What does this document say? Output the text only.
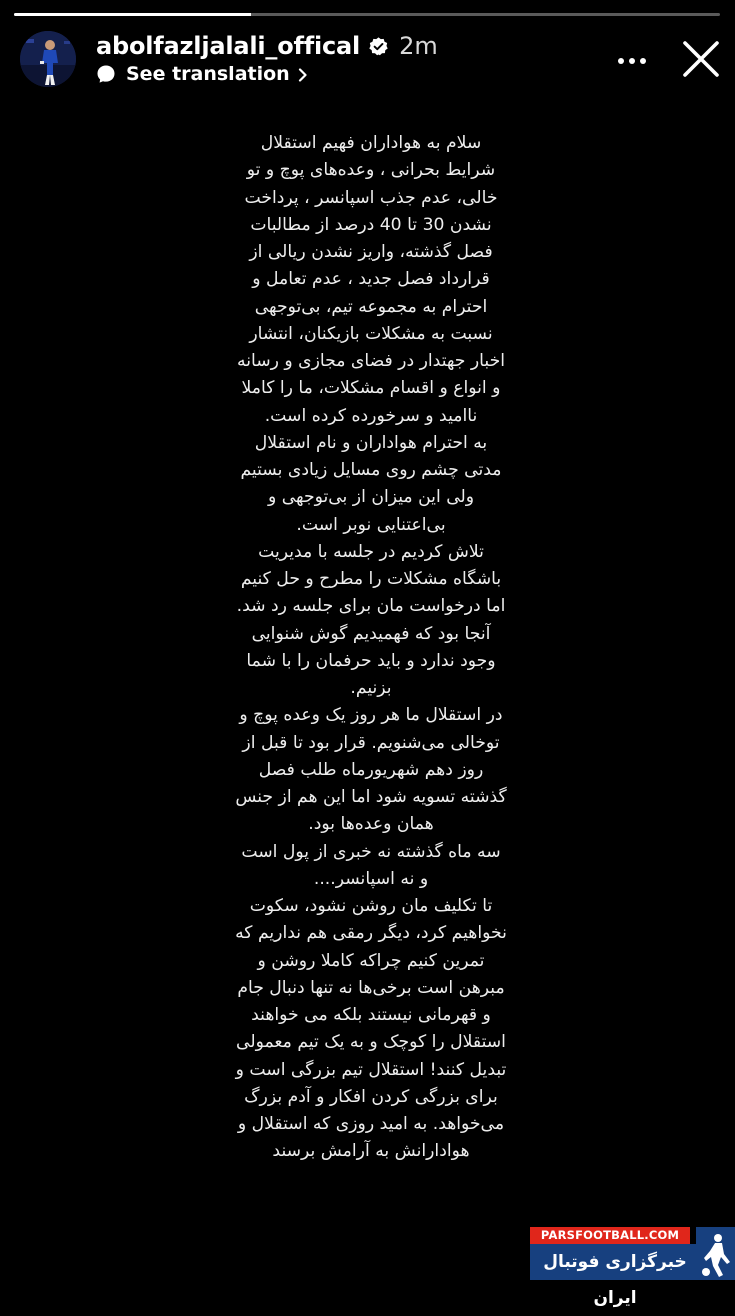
abolfazljalali_offical 2m
See translation

سلام به هواداران فهیم استقلال شرایط بحرانی ، وعده‌های پوچ و تو خالی، عدم جذب اسپانسر ، پرداخت نشدن 30 تا 40 درصد از مطالبات فصل گذشته، واریز نشدن ریالی از قرارداد فصل جدید ، عدم تعامل و احترام به مجموعه تیم، بی‌توجهی نسبت به مشکلات بازیکنان، انتشار اخبار جهتدار در فضای مجازی و رسانه و انواع و اقسام مشکلات، ما را کاملا ناامید و سرخورده کرده است.

به احترام هواداران و نام استقلال مدتی چشم روی مسایل زیادی بستیم ولی این میزان از بی‌توجهی و بی‌اعتنایی نوبر است.

تلاش کردیم در جلسه با مدیریت باشگاه مشکلات را مطرح و حل کنیم اما درخواست مان برای جلسه رد شد.

آنجا بود که فهمیدیم گوش شنوایی وجود ندارد و باید حرفمان را با شما بزنیم.

در استقلال ما هر روز یک وعده پوچ و توخالی می‌شنویم. قرار بود تا قبل از روز دهم شهریورماه طلب فصل گذشته تسویه شود اما این هم از جنس همان وعده‌ها بود.

سه ماه گذشته نه خبری از پول است و نه اسپانسر....

تا تکلیف مان روشن نشود، سکوت نخواهیم کرد، دیگر رمقی هم نداریم که تمرین کنیم چراکه کاملا روشن و مبرهن است برخی‌ها نه تنها دنبال جام و قهرمانی نیستند بلکه می خواهند استقلال را کوچک و به یک تیم معمولی تبدیل کنند! استقلال تیم بزرگی است و برای بزرگی کردن افکار و آدم بزرگ می‌خواهد. به امید روزی که استقلال و هوادارانش به آرامش برسند

PARSFOOTBALL.COM
خبرگزاری فوتبال ایران
